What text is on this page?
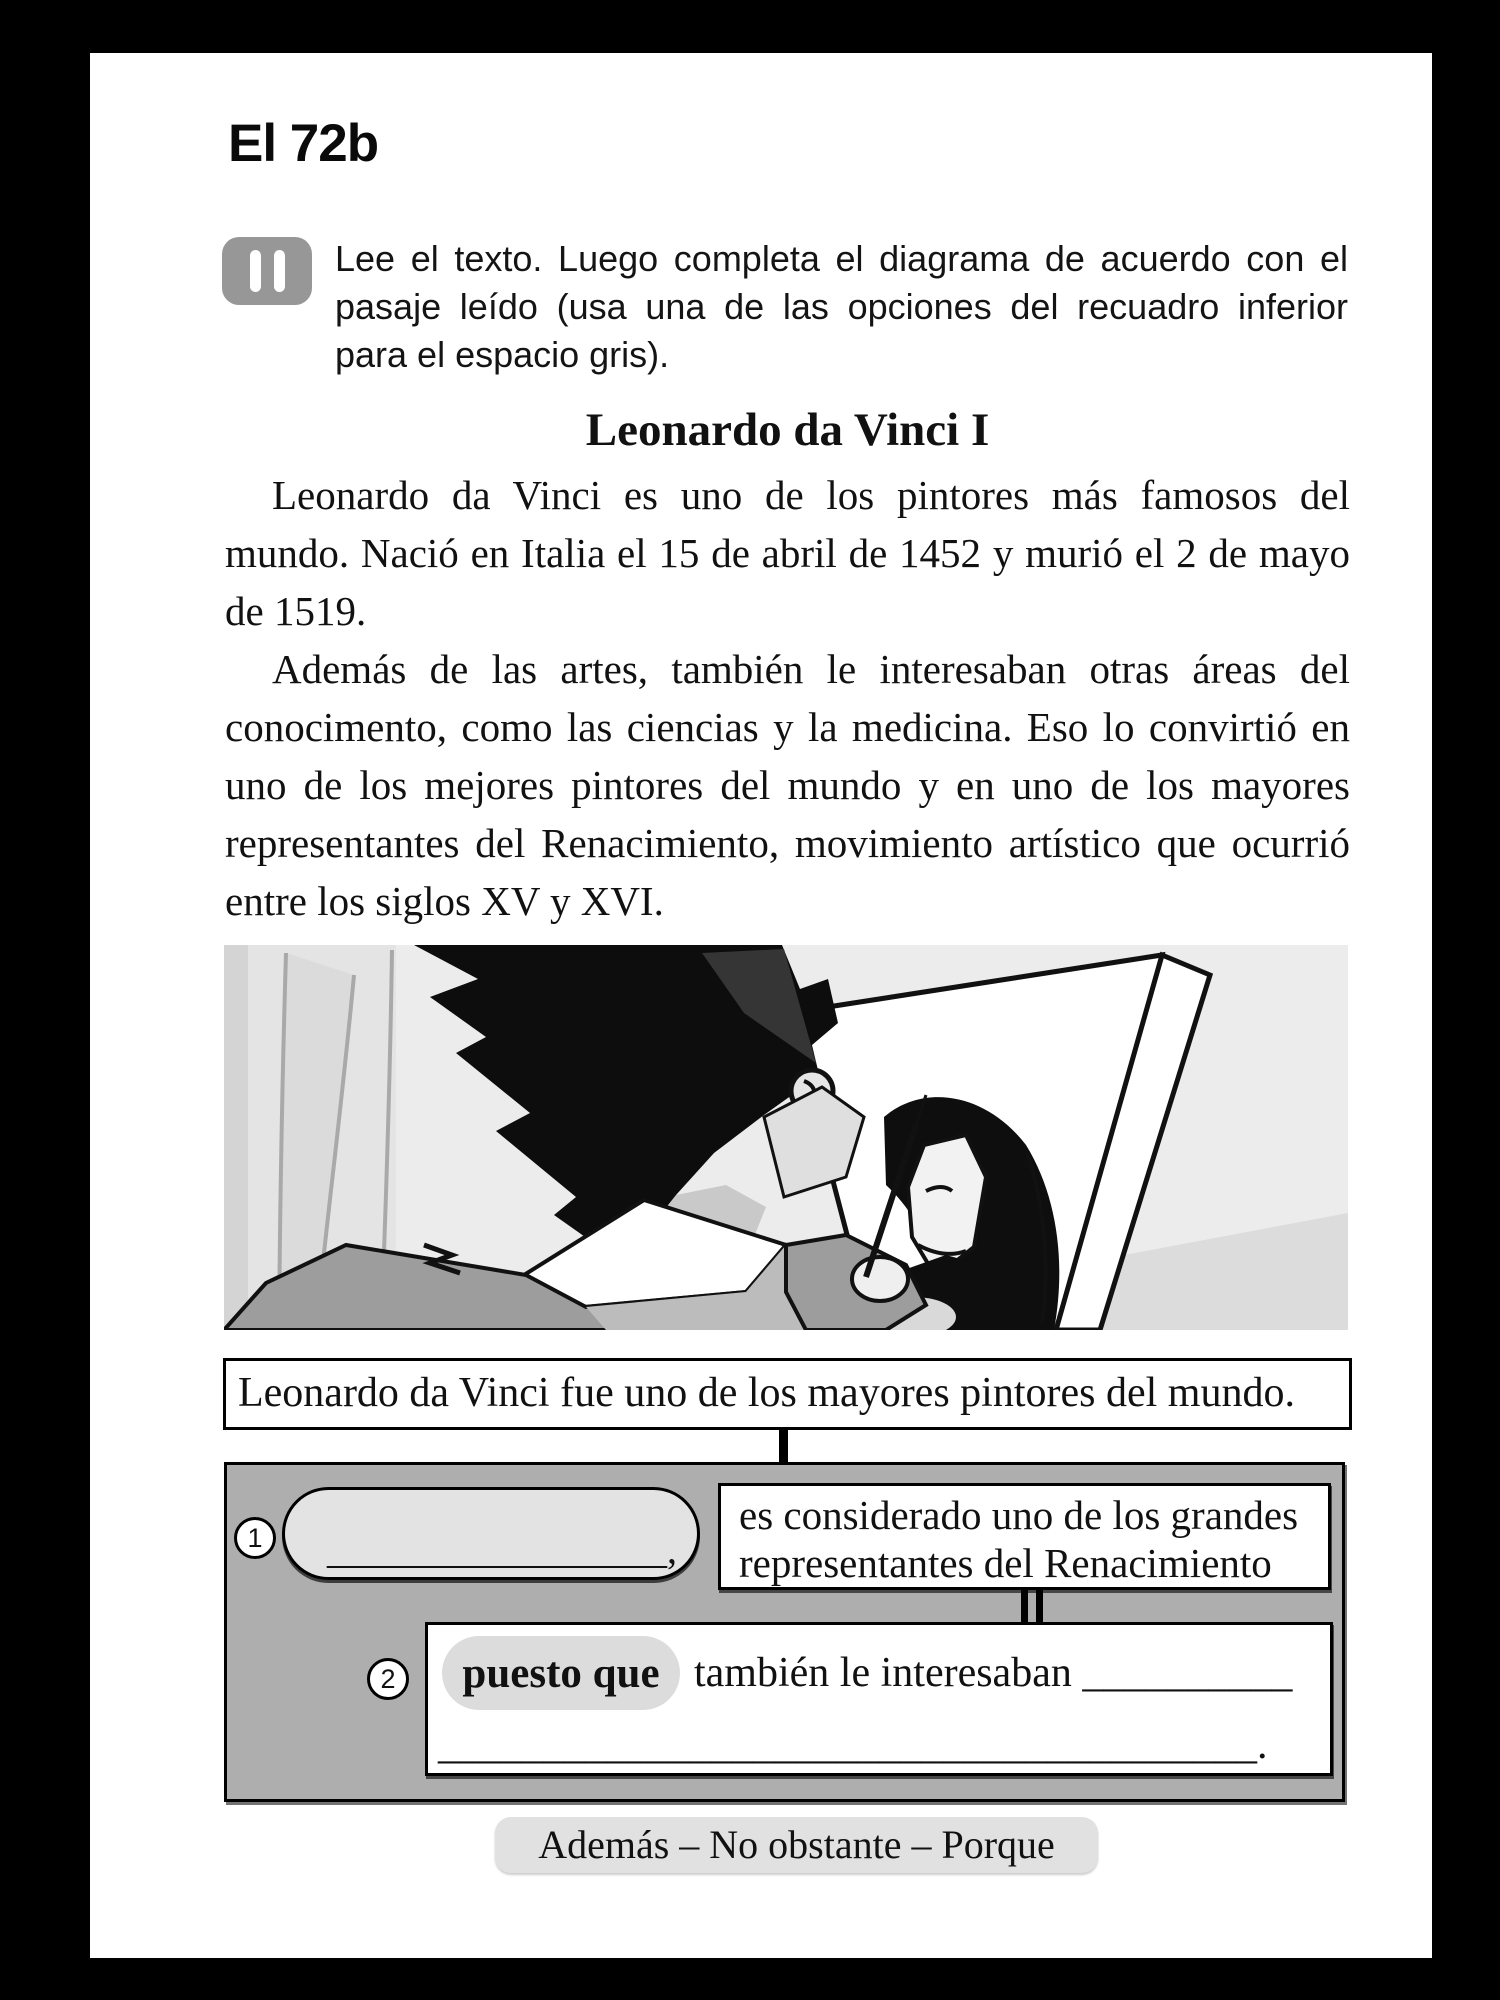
El 72b
Lee el texto. Luego completa el diagrama de acuerdo con el pasaje leído (usa una de las opciones del recuadro inferior para el espacio gris).
Leonardo da Vinci I

Leonardo da Vinci es uno de los pintores más famosos del mundo. Nació en Italia el 15 de abril de 1452 y murió el 2 de mayo de 1519.

Además de las artes, también le interesaban otras áreas del conocimento, como las ciencias y la medicina. Eso lo convirtió en uno de los mejores pintores del mundo y en uno de los mayores representantes del Renacimiento, movimiento artístico que ocurrió entre los siglos XV y XVI.

Leonardo da Vinci fue uno de los mayores pintores del mundo.
1 _________________,
es considerado uno de los grandes
representantes del Renacimiento
2	puesto que también le interesaban __________
_______________________________________.
Además – No obstante – Porque
